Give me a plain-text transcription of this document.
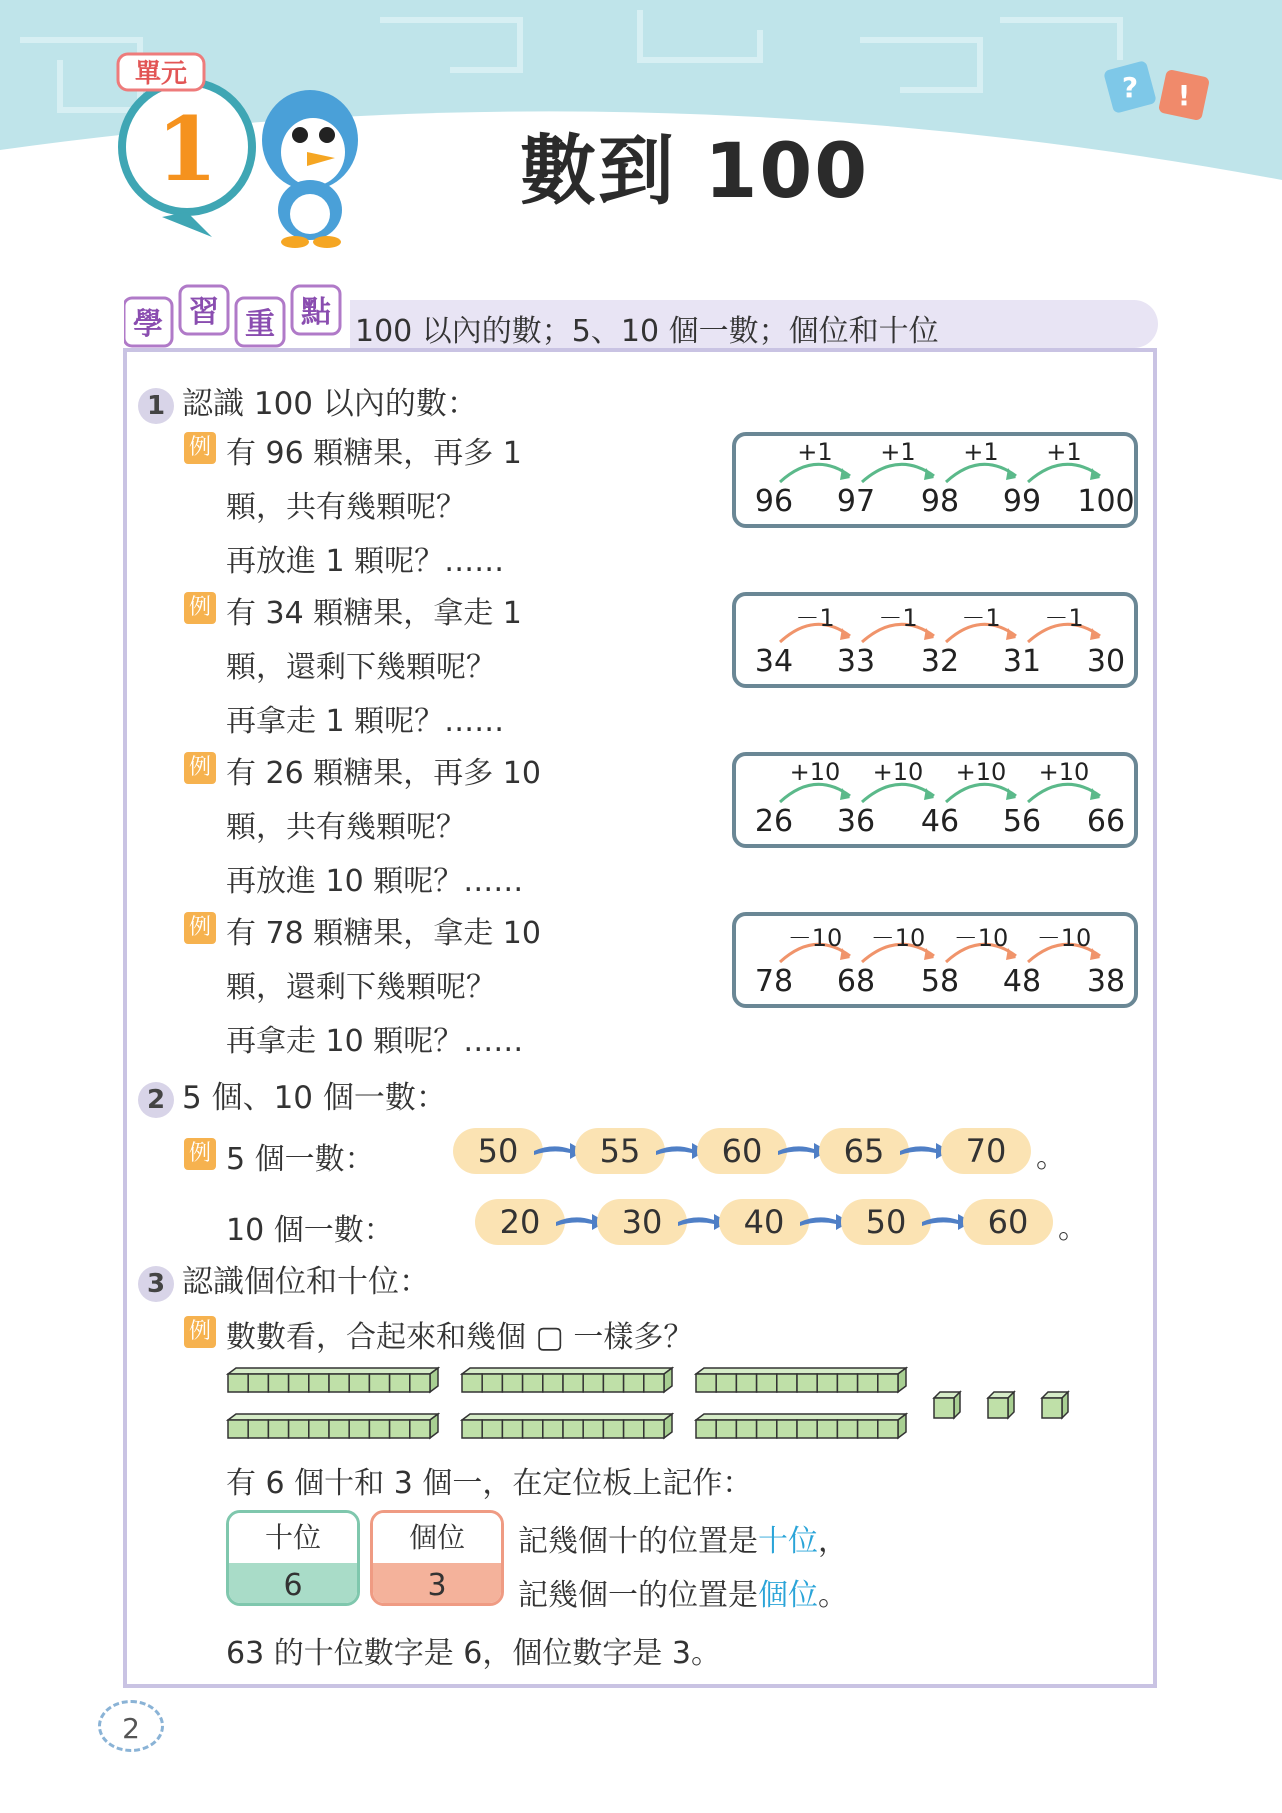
單元
1
? !
數到 100
學 習 重 點
100 以內的數；5、10 個一數；個位和十位
1 認識 100 以內的數：
例 有 96 顆糖果，再多 1
顆，共有幾顆呢？
再放進 1 顆呢？……
+1 +1 +1 +1
96 97 98 99 100
例 有 34 顆糖果，拿走 1
顆，還剩下幾顆呢？
再拿走 1 顆呢？……
－1 －1 －1 －1
34 33 32 31 30
例 有 26 顆糖果，再多 10
顆，共有幾顆呢？
再放進 10 顆呢？……
+10 +10 +10 +10
26 36 46 56 66
例 有 78 顆糖果，拿走 10
顆，還剩下幾顆呢？
再拿走 10 顆呢？……
－10 －10 －10 －10
78 68 58 48 38
2 5 個、10 個一數：
例 5 個一數：
10 個一數：
50	55	60	65	70 。
20	30	40	50	60 。
3 認識個位和十位：
例 數數看，合起來和幾個 ▢ 一樣多？
有 6 個十和 3 個一，在定位板上記作：
十位
6
個位
3
記幾個十的位置是十位，
記幾個一的位置是個位。
63 的十位數字是 6，個位數字是 3。
2
